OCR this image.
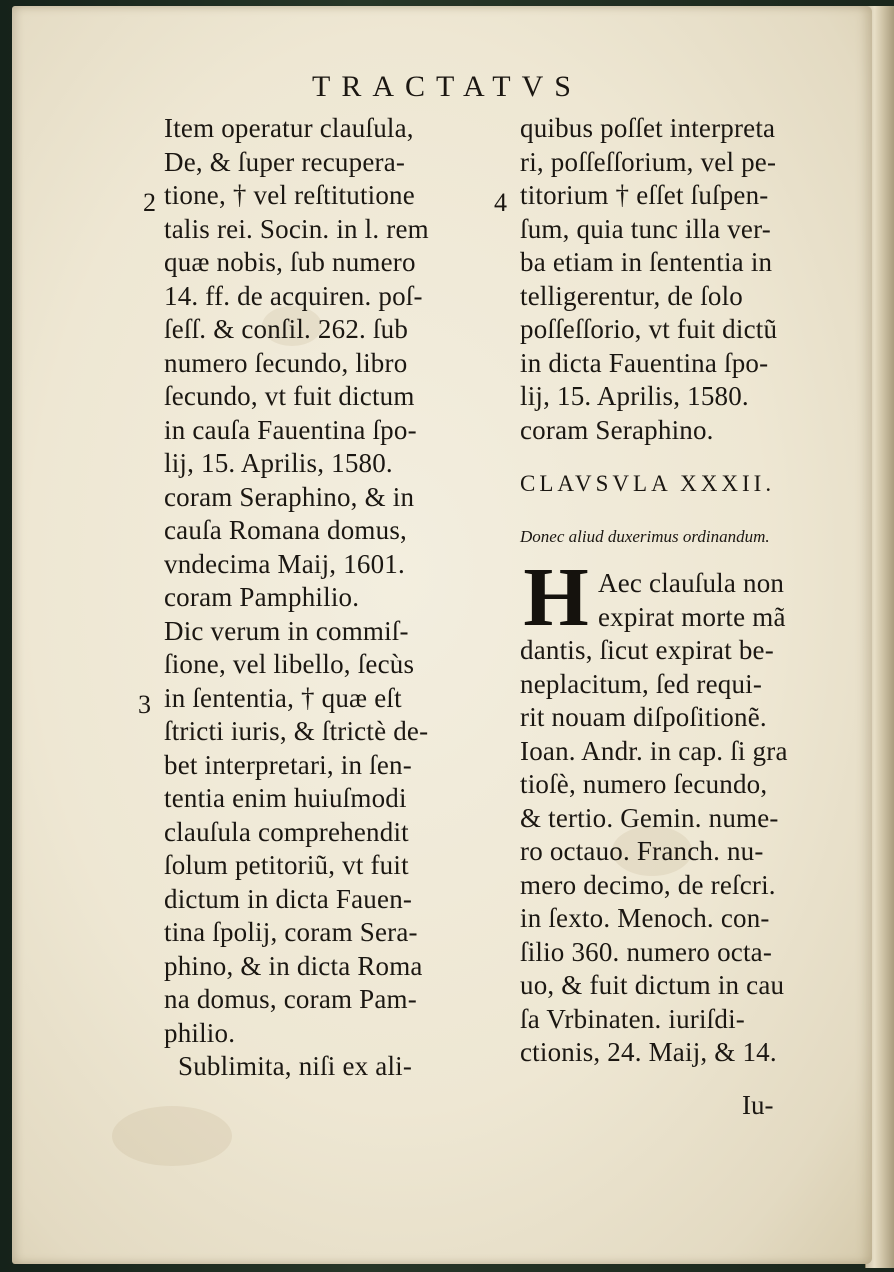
TRACTATVS
Item operatur clauſula,
De, & ſuper recupera-
tione, † vel reſtitutione
talis rei. Socin. in l. rem
quæ nobis, ſub numero
14. ff. de acquiren. poſ-
ſeſſ. & conſil. 262. ſub
numero ſecundo, libro
ſecundo, vt fuit dictum
in cauſa Fauentina ſpo-
lij, 15. Aprilis, 1580.
coram Seraphino, & in
cauſa Romana domus,
vndecima Maij, 1601.
coram Pamphilio.
Dic verum in commiſ-
ſione, vel libello, ſecùs
in ſententia, † quæ eſt
ſtricti iuris, & ſtrictè de-
bet interpretari, in ſen-
tentia enim huiuſmodi
clauſula comprehendit
ſolum petitoriũ, vt fuit
dictum in dicta Fauen-
tina ſpolij, coram Sera-
phino, & in dicta Roma
na domus, coram Pam-
philio.
Sublimita, niſi ex ali-
2
3
quibus poſſet interpreta
ri, poſſeſſorium, vel pe-
titorium † eſſet ſuſpen-
ſum, quia tunc illa ver-
ba etiam in ſententia in
telligerentur, de ſolo
poſſeſſorio, vt fuit dictũ
in dicta Fauentina ſpo-
lij, 15. Aprilis, 1580.
coram Seraphino.
CLAVSVLA XXXII.
Donec aliud duxerimus ordinandum.
H Aec clauſula non
expirat morte mã
dantis, ſicut expirat be-
neplacitum, ſed requi-
rit nouam diſpoſitionẽ.
Ioan. Andr. in cap. ſi gra
tioſè, numero ſecundo,
& tertio. Gemin. nume-
ro octauo. Franch. nu-
mero decimo, de reſcri.
in ſexto. Menoch. con-
ſilio 360. numero octa-
uo, & fuit dictum in cau
ſa Vrbinaten. iuriſdi-
ctionis, 24. Maij, & 14.
4
Iu-
